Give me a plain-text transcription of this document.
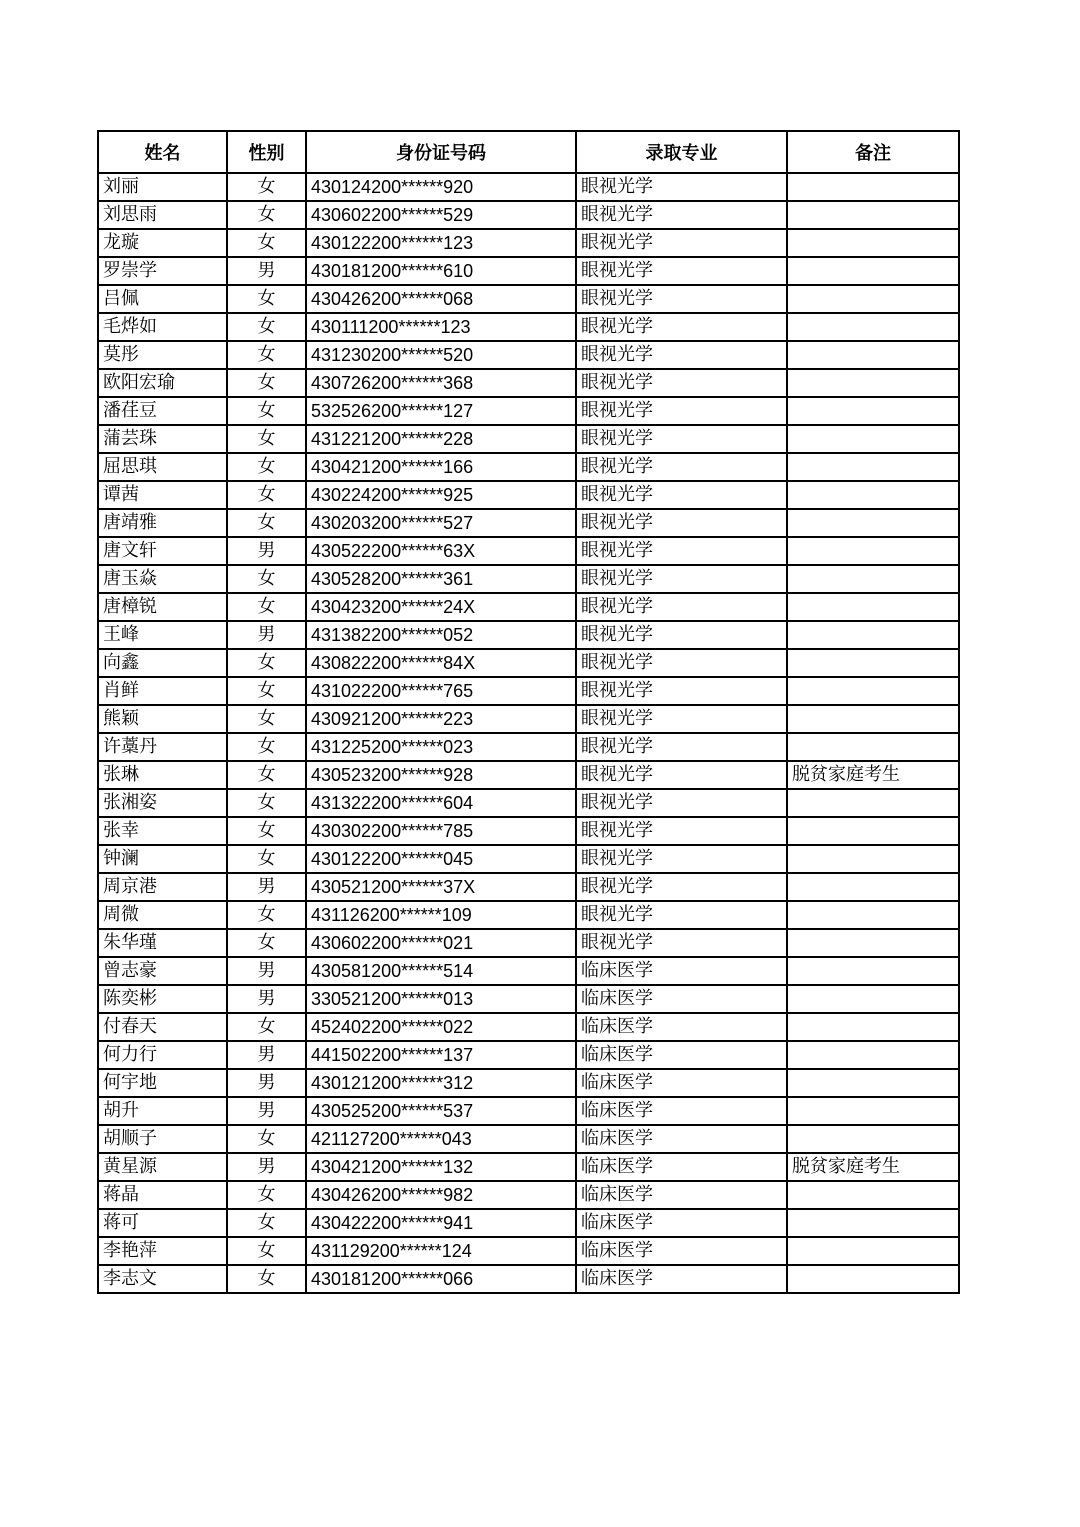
姓名	性别	身份证号码	录取专业	备注
刘丽	女	430124200******920	眼视光学	
刘思雨	女	430602200******529	眼视光学	
龙璇	女	430122200******123	眼视光学	
罗崇学	男	430181200******610	眼视光学	
吕佩	女	430426200******068	眼视光学	
毛烨如	女	430111200******123	眼视光学	
莫彤	女	431230200******520	眼视光学	
欧阳宏瑜	女	430726200******368	眼视光学	
潘荏豆	女	532526200******127	眼视光学	
蒲芸珠	女	431221200******228	眼视光学	
屈思琪	女	430421200******166	眼视光学	
谭茜	女	430224200******925	眼视光学	
唐靖雅	女	430203200******527	眼视光学	
唐文轩	男	430522200******63X	眼视光学	
唐玉焱	女	430528200******361	眼视光学	
唐樟锐	女	430423200******24X	眼视光学	
王峰	男	431382200******052	眼视光学	
向鑫	女	430822200******84X	眼视光学	
肖鲜	女	431022200******765	眼视光学	
熊颖	女	430921200******223	眼视光学	
许藁丹	女	431225200******023	眼视光学	
张琳	女	430523200******928	眼视光学	脱贫家庭考生
张湘姿	女	431322200******604	眼视光学	
张幸	女	430302200******785	眼视光学	
钟澜	女	430122200******045	眼视光学	
周京港	男	430521200******37X	眼视光学	
周微	女	431126200******109	眼视光学	
朱华瑾	女	430602200******021	眼视光学	
曾志豪	男	430581200******514	临床医学	
陈奕彬	男	330521200******013	临床医学	
付春天	女	452402200******022	临床医学	
何力行	男	441502200******137	临床医学	
何宇地	男	430121200******312	临床医学	
胡升	男	430525200******537	临床医学	
胡顺子	女	421127200******043	临床医学	
黄星源	男	430421200******132	临床医学	脱贫家庭考生
蒋晶	女	430426200******982	临床医学	
蒋可	女	430422200******941	临床医学	
李艳萍	女	431129200******124	临床医学	
李志文	女	430181200******066	临床医学	
